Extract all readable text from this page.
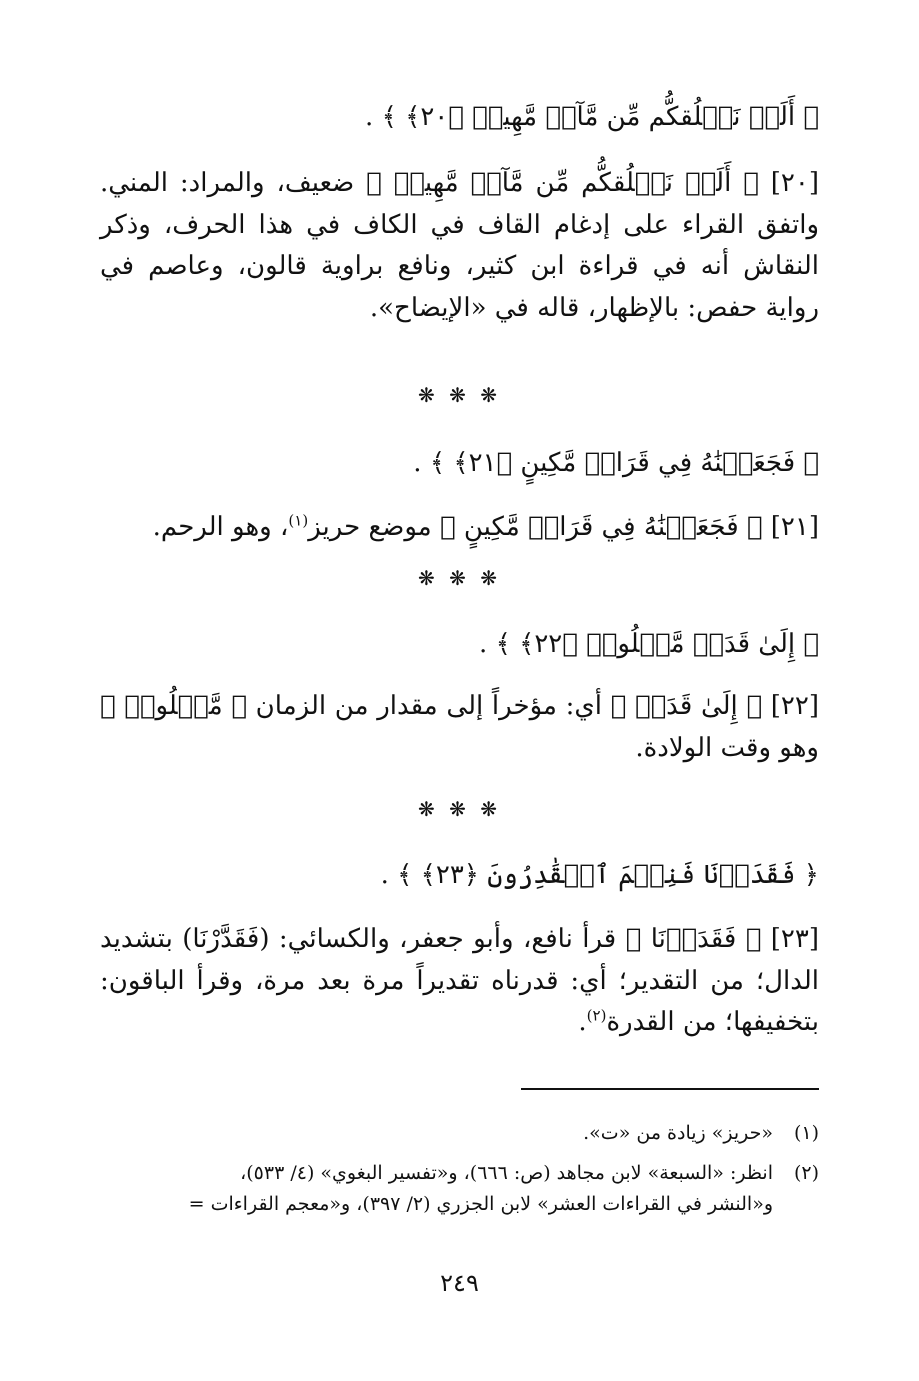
﴿ أَلَمۡ نَخۡلُقكُّم مِّن مَّآءٖ مَّهِينٖ ﴿٢٠﴾ ﴾ .
[٢٠] ﴿ أَلَمۡ نَخۡلُقكُّم مِّن مَّآءٖ مَّهِينٖ ﴾ ضعيف، والمراد: المني. واتفق القراء على إدغام القاف في الكاف في هذا الحرف، وذكر النقاش أنه في قراءة ابن كثير، ونافع براوية قالون، وعاصم في رواية حفص: بالإظهار، قاله في «الإيضاح».
❋ ❋ ❋
﴿ فَجَعَلۡنَٰهُ فِي قَرَارٖ مَّكِينٍ ﴿٢١﴾ ﴾ .
[٢١] ﴿ فَجَعَلۡنَٰهُ فِي قَرَارٖ مَّكِينٍ ﴾ موضع حريز$^{(١)}$، وهو الرحم.
❋ ❋ ❋
﴿ إِلَىٰ قَدَرٖ مَّعۡلُومٖ ﴿٢٢﴾ ﴾ .
[٢٢] ﴿ إِلَىٰ قَدَرٖ ﴾ أي: مؤخراً إلى مقدار من الزمان ﴿ مَّعۡلُومٖ ﴾ وهو وقت الولادة.
❋ ❋ ❋
﴿ فَقَدَرۡنَا فَنِعۡمَ ٱلۡقَٰدِرُونَ ﴿٢٣﴾ ﴾ .
[٢٣] ﴿ فَقَدَرۡنَا ﴾ قرأ نافع، وأبو جعفر، والكسائي: (فَقَدَّرْنَا) بتشديد الدال؛ من التقدير؛ أي: قدرناه تقديراً مرة بعد مرة، وقرأ الباقون: بتخفيفها؛ من القدرة$^{(٢)}$.
(١)«حريز» زيادة من «ت».
(٢)انظر: «السبعة» لابن مجاهد (ص: ٦٦٦)، و«تفسير البغوي» (٤/ ٥٣٣)،
و«النشر في القراءات العشر» لابن الجزري (٢/ ٣٩٧)، و«معجم القراءات =
٢٤٩
